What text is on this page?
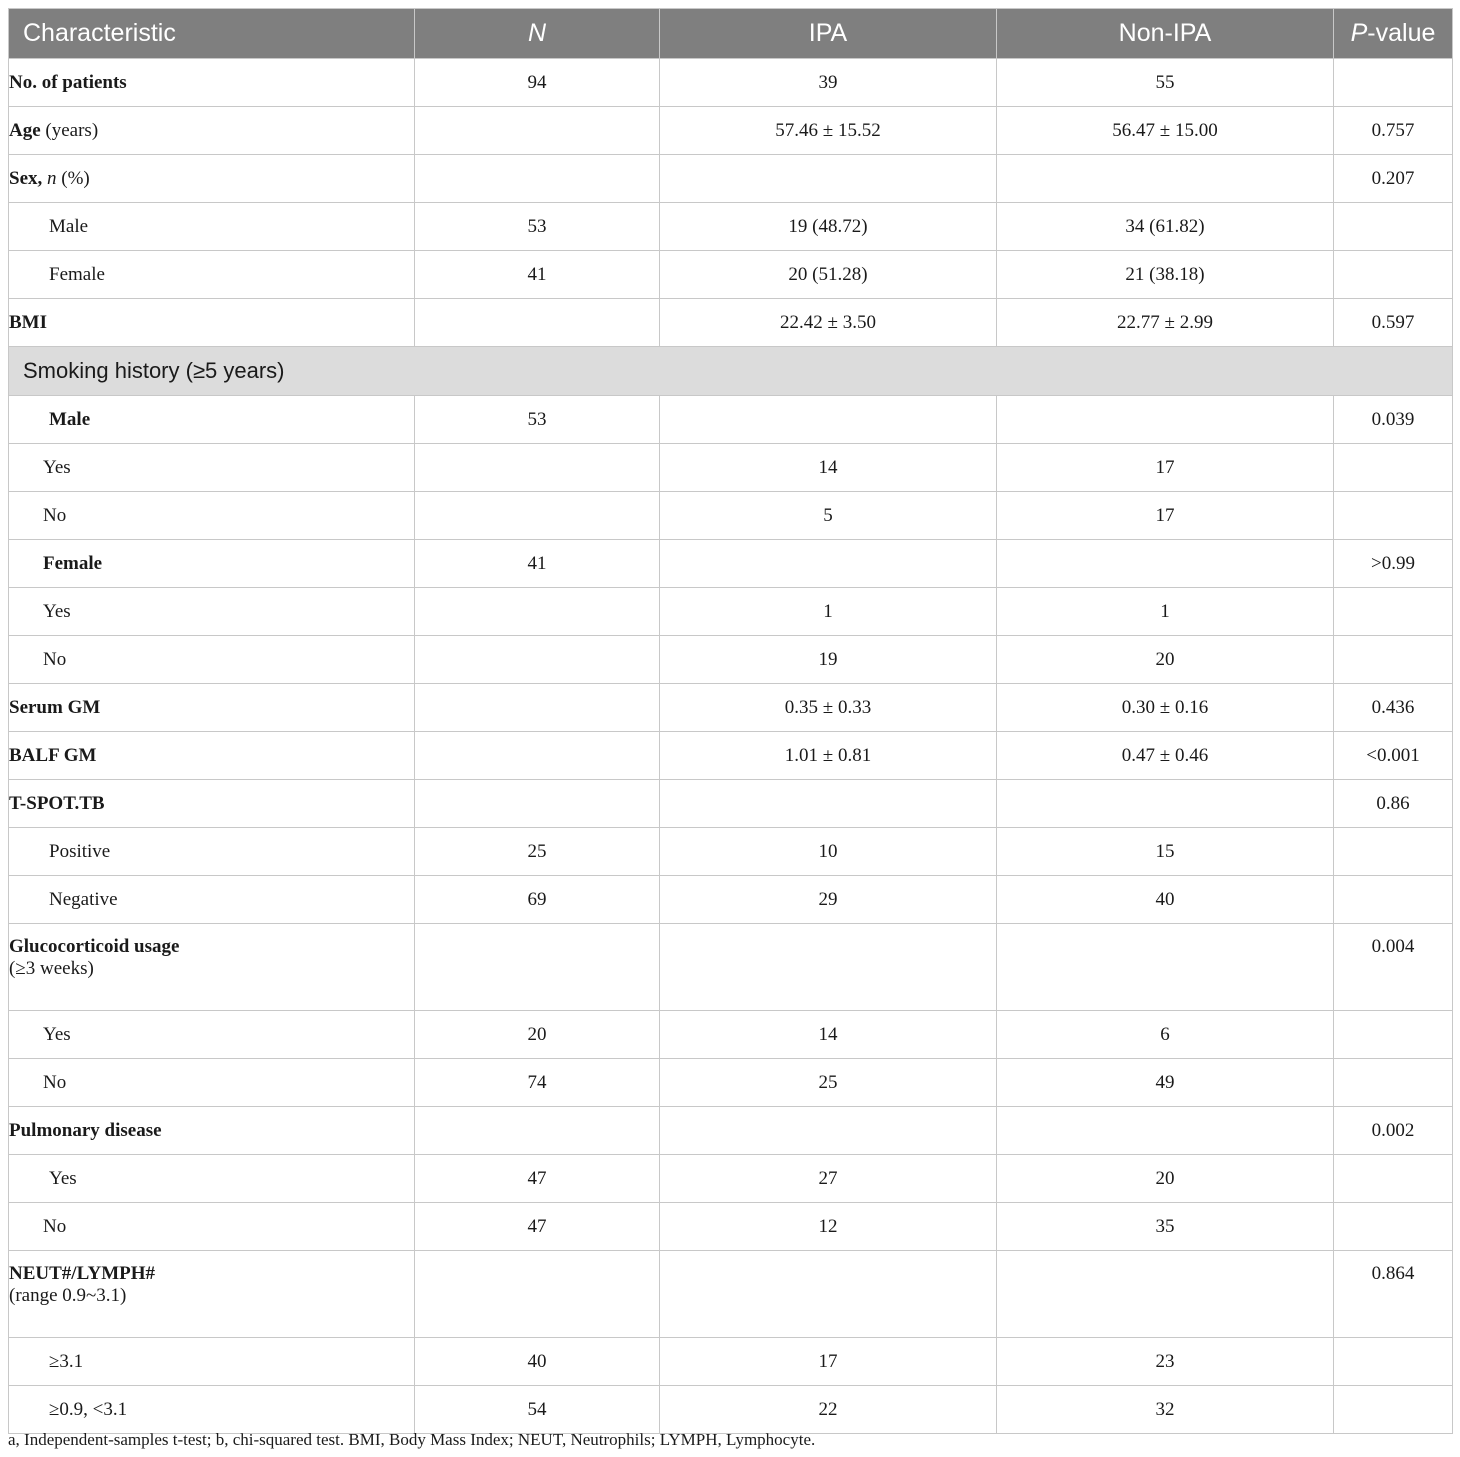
Characteristic	N	IPA	Non-IPA	P-value
No. of patients	94	39	55	
Age (years)		57.46 ± 15.52	56.47 ± 15.00	0.757
Sex, n (%)				0.207
Male	53	19 (48.72)	34 (61.82)	
Female	41	20 (51.28)	21 (38.18)	
BMI		22.42 ± 3.50	22.77 ± 2.99	0.597
Smoking history (≥5 years)				
Male	53			0.039
Yes		14	17	
No		5	17	
Female	41			>0.99
Yes		1	1	
No		19	20	
Serum GM		0.35 ± 0.33	0.30 ± 0.16	0.436
BALF GM		1.01 ± 0.81	0.47 ± 0.46	<0.001
T-SPOT.TB				0.86
Positive	25	10	15	
Negative	69	29	40	
Glucocorticoid usage
(≥3 weeks)				0.004
Yes	20	14	6	
No	74	25	49	
Pulmonary disease				0.002
Yes	47	27	20	
No	47	12	35	
NEUT#/LYMPH#
(range 0.9~3.1)				0.864
≥3.1	40	17	23	
≥0.9, <3.1	54	22	32	
a, Independent-samples t-test; b, chi-squared test. BMI, Body Mass Index; NEUT, Neutrophils; LYMPH, Lymphocyte.
